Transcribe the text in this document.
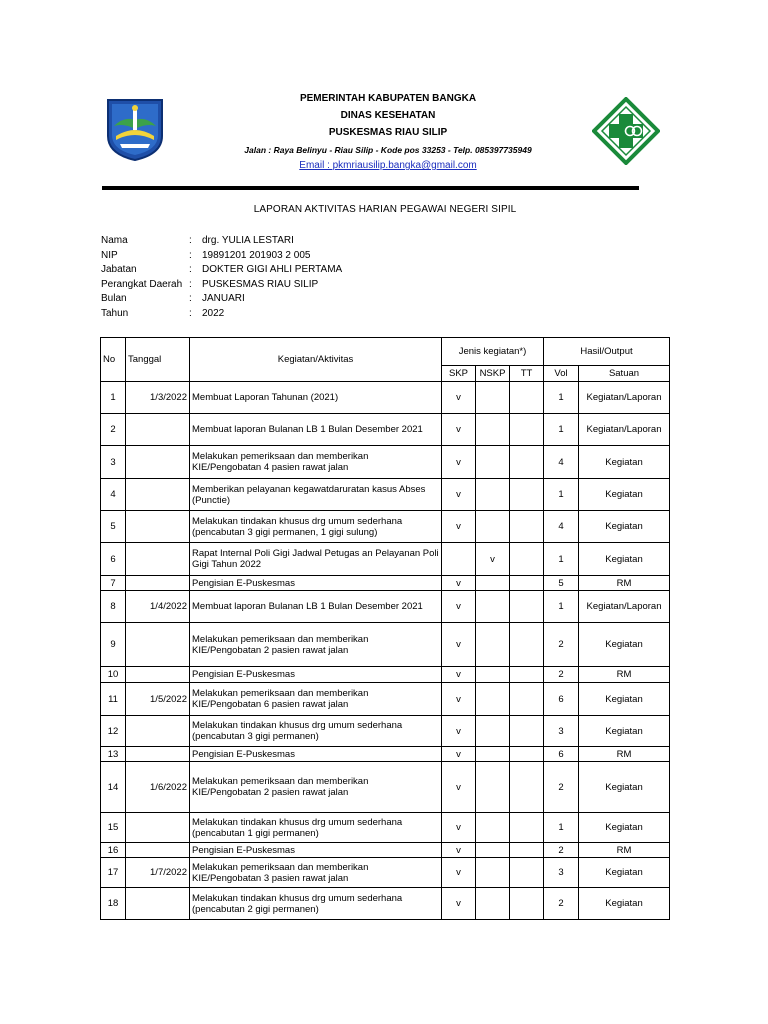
PEMERINTAH KABUPATEN BANGKA
DINAS KESEHATAN
PUSKESMAS RIAU SILIP
Jalan : Raya Belinyu - Riau Silip - Kode pos 33253 - Telp. 085397735949
Email : pkmriausilip.bangka@gmail.com
LAPORAN AKTIVITAS HARIAN PEGAWAI NEGERI SIPIL
Nama	:	drg. YULIA LESTARI
NIP	:	19891201 201903 2 005
Jabatan	:	DOKTER GIGI AHLI PERTAMA
Perangkat Daerah :	PUSKESMAS RIAU SILIP
Bulan	:	JANUARI
Tahun	:	2022
No	Tanggal	Kegiatan/Aktivitas	Jenis kegiatan*)			Hasil/Output	
			SKP	NSKP	TT	Vol	Satuan
1	1/3/2022	Membuat Laporan Tahunan (2021)	v			1	Kegiatan/Laporan
2		Membuat laporan Bulanan LB 1 Bulan Desember 2021	v			1	Kegiatan/Laporan
3		Melakukan pemeriksaan dan memberikan KIE/Pengobatan 4 pasien rawat jalan	v			4	Kegiatan
4		Memberikan pelayanan kegawatdaruratan kasus Abses (Punctie)	v			1	Kegiatan
5		Melakukan tindakan khusus drg umum sederhana (pencabutan 3 gigi permanen, 1 gigi sulung)	v			4	Kegiatan
6		Rapat Internal Poli Gigi Jadwal Petugas an Pelayanan Poli Gigi Tahun 2022		v		1	Kegiatan
7		Pengisian E-Puskesmas	v			5	RM
8	1/4/2022	Membuat laporan Bulanan LB 1 Bulan Desember 2021	v			1	Kegiatan/Laporan
9		Melakukan pemeriksaan dan memberikan KIE/Pengobatan 2 pasien rawat jalan	v			2	Kegiatan
10		Pengisian E-Puskesmas	v			2	RM
11	1/5/2022	Melakukan pemeriksaan dan memberikan KIE/Pengobatan 6 pasien rawat jalan	v			6	Kegiatan
12		Melakukan tindakan khusus drg umum sederhana (pencabutan 3 gigi permanen)	v			3	Kegiatan
13		Pengisian E-Puskesmas	v			6	RM
14	1/6/2022	Melakukan pemeriksaan dan memberikan KIE/Pengobatan 2 pasien rawat jalan	v			2	Kegiatan
15		Melakukan tindakan khusus drg umum sederhana (pencabutan 1 gigi permanen)	v			1	Kegiatan
16		Pengisian E-Puskesmas	v			2	RM
17	1/7/2022	Melakukan pemeriksaan dan memberikan KIE/Pengobatan 3 pasien rawat jalan	v			3	Kegiatan
18		Melakukan tindakan khusus drg umum sederhana (pencabutan 2 gigi permanen)	v			2	Kegiatan
